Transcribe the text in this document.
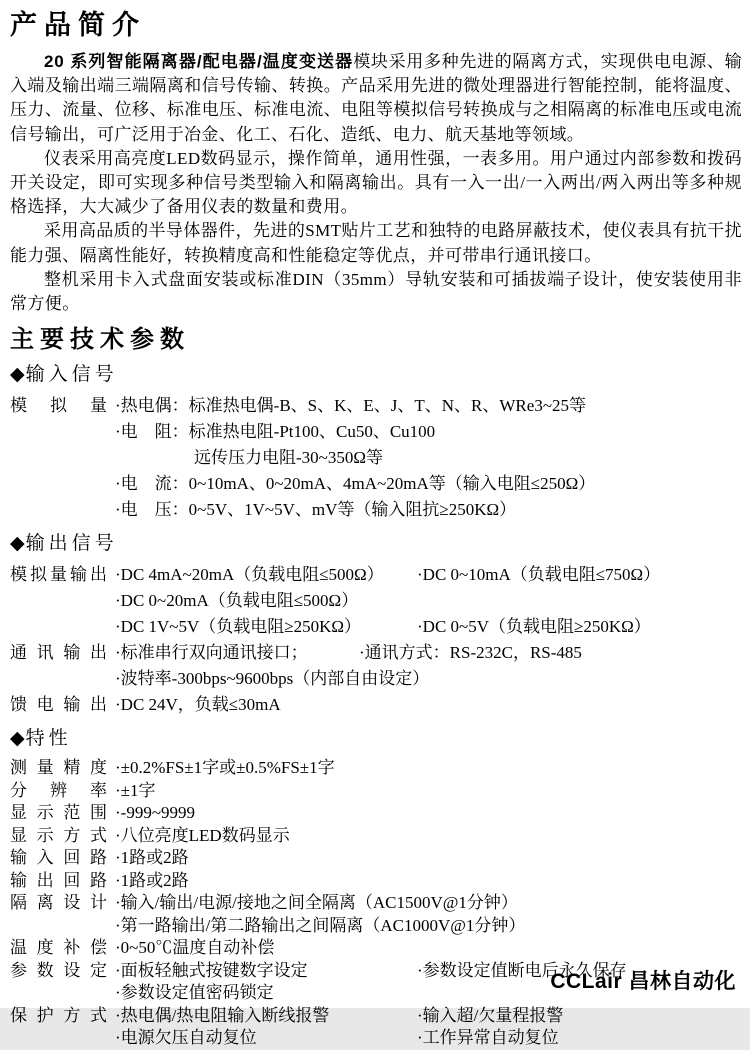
产品简介

20 系列智能隔离器/配电器/温度变送器模块采用多种先进的隔离方式，实现供电电源、输入端及输出端三端隔离和信号传输、转换。产品采用先进的微处理器进行智能控制，能将温度、压力、流量、位移、标准电压、标准电流、电阻等模拟信号转换成与之相隔离的标准电压或电流信号输出，可广泛用于冶金、化工、石化、造纸、电力、航天基地等领域。

仪表采用高亮度LED数码显示，操作简单，通用性强，一表多用。用户通过内部参数和拨码开关设定，即可实现多种信号类型输入和隔离输出。具有一入一出/一入两出/两入两出等多种规格选择，大大减少了备用仪表的数量和费用。

采用高品质的半导体器件，先进的SMT贴片工艺和独特的电路屏蔽技术，使仪表具有抗干扰能力强、隔离性能好，转换精度高和性能稳定等优点，并可带串行通讯接口。

整机采用卡入式盘面安装或标准DIN（35mm）导轨安装和可插拔端子设计，使安装使用非常方便。

主要技术参数
◆输入信号
模拟量 ·热电偶：标准热电偶-B、S、K、E、J、T、N、R、WRe3~25等
·电　阻：标准热电阻-Pt100、Cu50、Cu100
远传压力电阻-30~350Ω等
·电　流：0~10mA、0~20mA、4mA~20mA等（输入电阻≤250Ω）
·电　压：0~5V、1V~5V、mV等（输入阻抗≥250KΩ）
◆输出信号
模拟量输出 ·DC 4mA~20mA（负载电阻≤500Ω）	·DC 0~10mA（负载电阻≤750Ω）
·DC 0~20mA（负载电阻≤500Ω）
·DC 1V~5V（负载电阻≥250KΩ）	·DC 0~5V（负载电阻≥250KΩ）
通讯输出 ·标准串行双向通讯接口；	·通讯方式：RS-232C，RS-485
·波特率-300bps~9600bps（内部自由设定）
馈电输出 ·DC 24V，负载≤30mA
◆特性
测量精度 ·±0.2%FS±1字或±0.5%FS±1字
分辨率 ·±1字
显示范围 ·-999~9999
显示方式 ·八位亮度LED数码显示
输入回路 ·1路或2路
输出回路 ·1路或2路
隔离设计 ·输入/输出/电源/接地之间全隔离（AC1500V@1分钟）
·第一路输出/第二路输出之间隔离（AC1000V@1分钟）
温度补偿 ·0~50℃温度自动补偿
参数设定 ·面板轻触式按键数字设定	·参数设定值断电后永久保存
·参数设定值密码锁定
保护方式 ·热电偶/热电阻输入断线报警	·输入超/欠量程报警
·电源欠压自动复位	·工作异常自动复位
CCLair 昌林自动化
